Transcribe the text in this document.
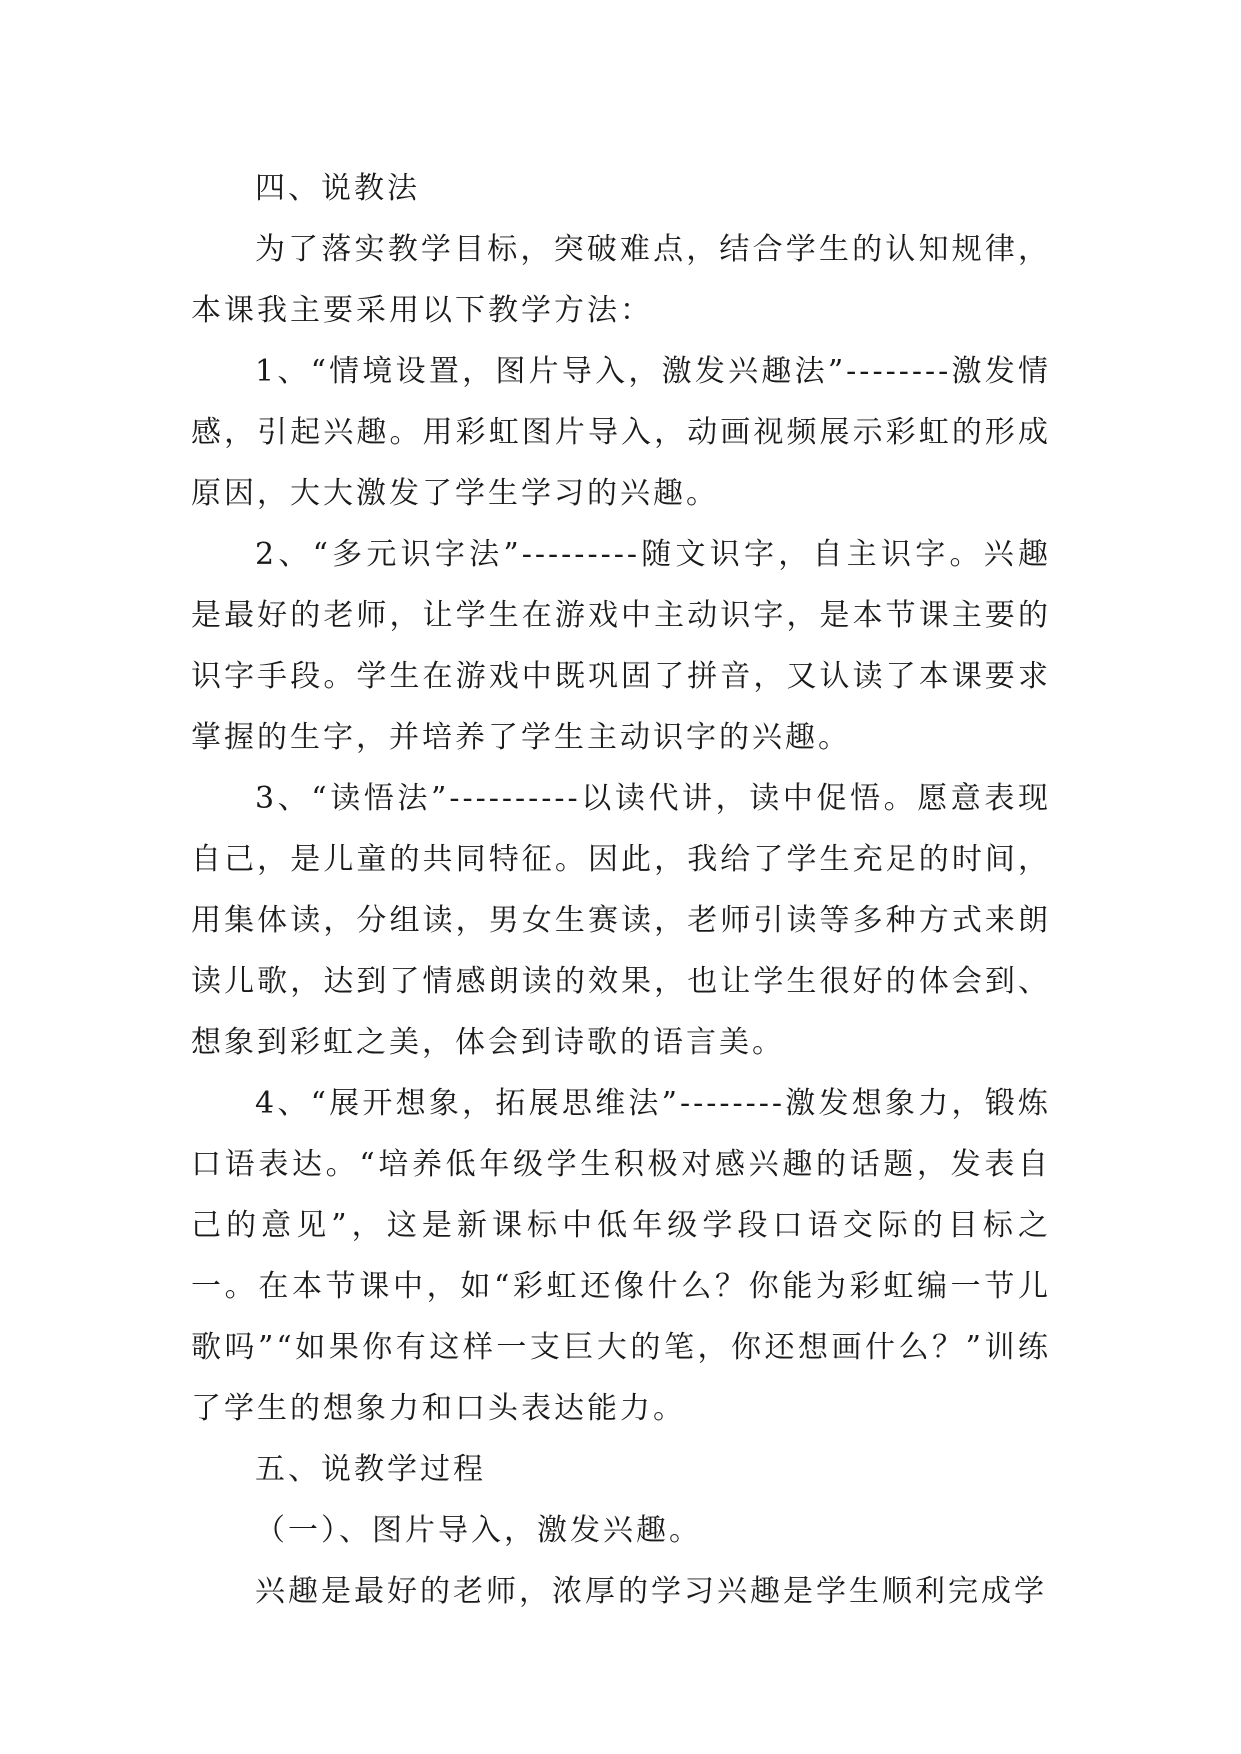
四、说教法

为了落实教学目标，突破难点，结合学生的认知规律，本课我主要采用以下教学方法：

1、“情境设置，图片导入，激发兴趣法”--------激发情感，引起兴趣。用彩虹图片导入，动画视频展示彩虹的形成原因，大大激发了学生学习的兴趣。

2、“多元识字法”---------随文识字，自主识字。兴趣是最好的老师，让学生在游戏中主动识字，是本节课主要的识字手段。学生在游戏中既巩固了拼音，又认读了本课要求掌握的生字，并培养了学生主动识字的兴趣。

3、“读悟法”----------以读代讲，读中促悟。愿意表现自己，是儿童的共同特征。因此，我给了学生充足的时间，用集体读，分组读，男女生赛读，老师引读等多种方式来朗读儿歌，达到了情感朗读的效果，也让学生很好的体会到、想象到彩虹之美，体会到诗歌的语言美。

4、“展开想象，拓展思维法”--------激发想象力，锻炼口语表达。“培养低年级学生积极对感兴趣的话题，发表自己的意见”，这是新课标中低年级学段口语交际的目标之一。在本节课中，如“彩虹还像什么？你能为彩虹编一节儿歌吗”“如果你有这样一支巨大的笔，你还想画什么？”训练了学生的想象力和口头表达能力。

五、说教学过程

（一）、图片导入，激发兴趣。

兴趣是最好的老师，浓厚的学习兴趣是学生顺利完成学
